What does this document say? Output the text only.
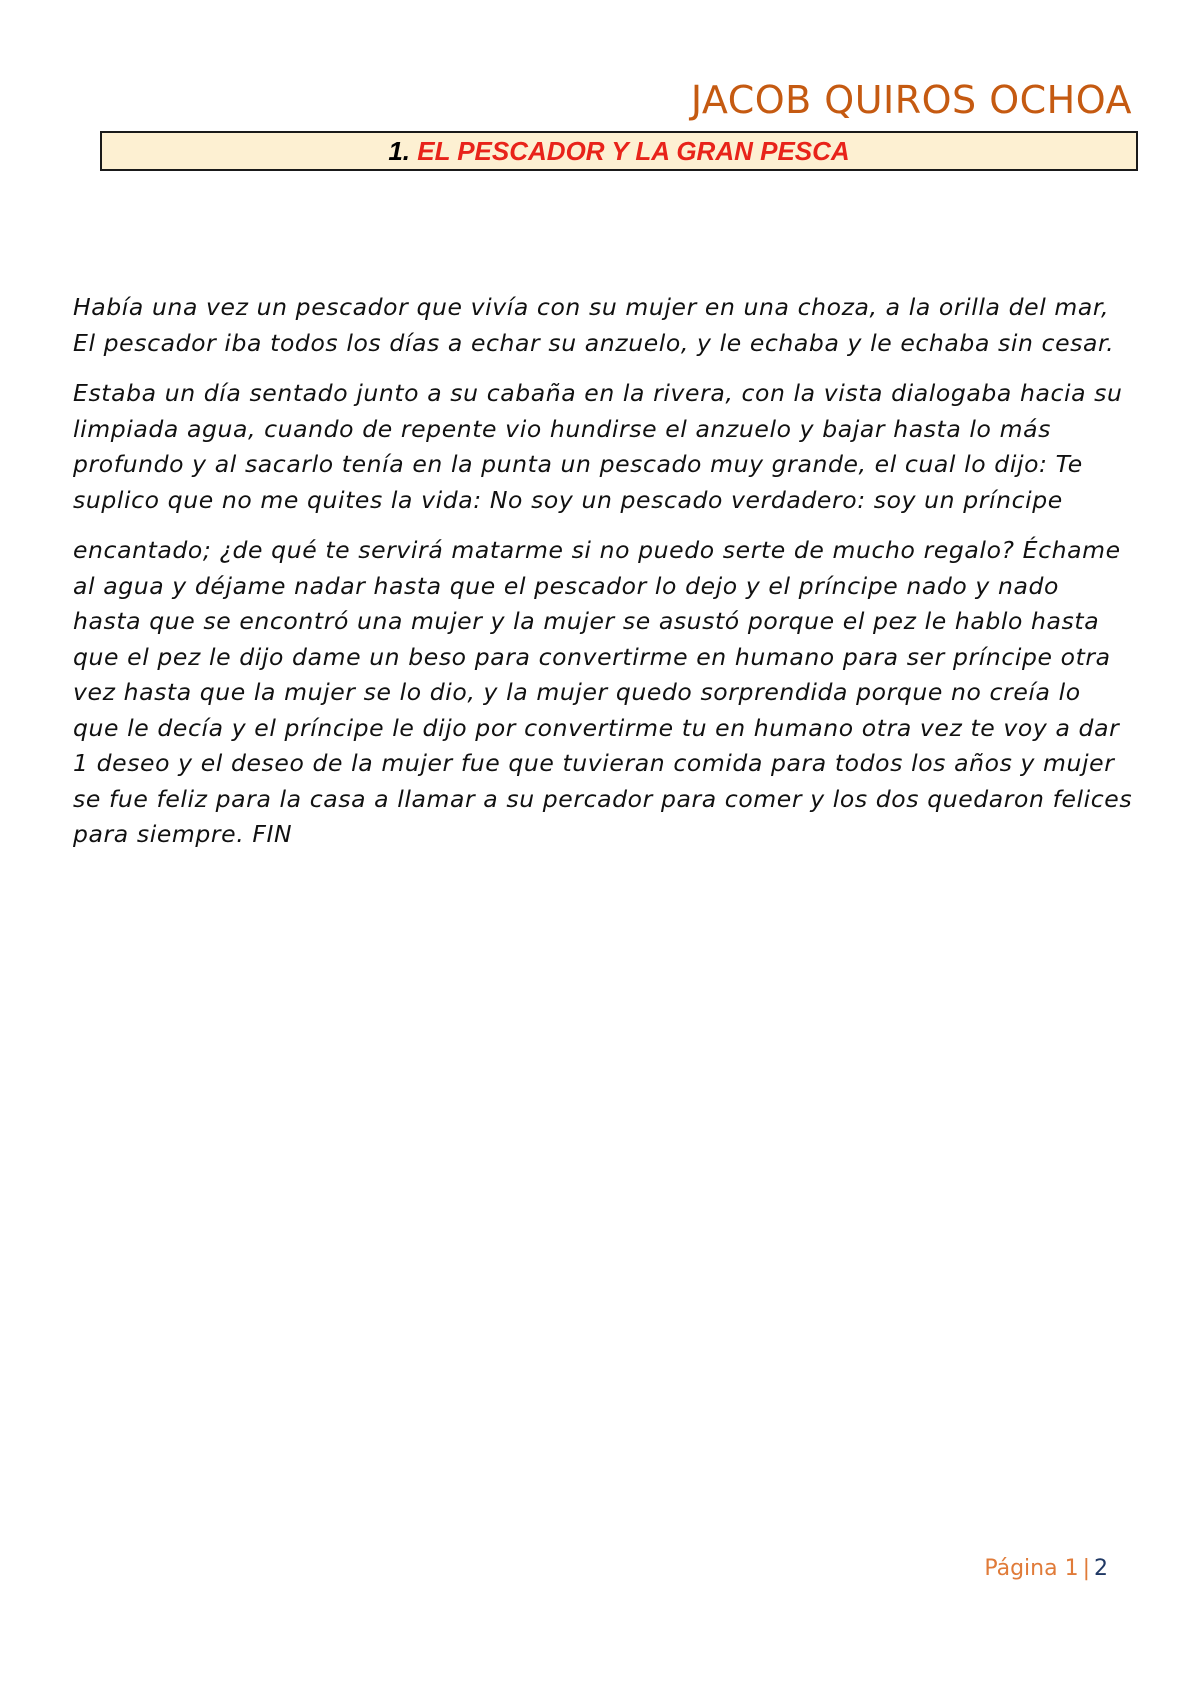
JACOB QUIROS OCHOA
1. EL PESCADOR Y LA GRAN PESCA

Había una vez un pescador que vivía con su mujer en una choza, a la orilla del mar, El pescador iba todos los días a echar su anzuelo, y le echaba y le echaba sin cesar.

Estaba un día sentado junto a su cabaña en la rivera, con la vista dialogaba hacia su limpiada agua, cuando de repente vio hundirse el anzuelo y bajar hasta lo más profundo y al sacarlo tenía en la punta un pescado muy grande, el cual lo dijo: Te suplico que no me quites la vida: No soy un pescado verdadero: soy un príncipe

encantado; ¿de qué te servirá matarme si no puedo serte de mucho regalo? Échame al agua y déjame nadar hasta que el pescador lo dejo y el príncipe nado y nado hasta que se encontró una mujer y la mujer se asustó porque el pez le hablo hasta que el pez le dijo dame un beso para convertirme en humano para ser príncipe otra vez hasta que la mujer se lo dio, y la mujer quedo sorprendida porque no creía lo que le decía y el príncipe le dijo por convertirme tu en humano otra vez te voy a dar 1 deseo y el deseo de la mujer fue que tuvieran comida para todos los años y mujer se fue feliz para la casa a llamar a su percador para comer y los dos quedaron felices para siempre. FIN

Página 1 | 2
